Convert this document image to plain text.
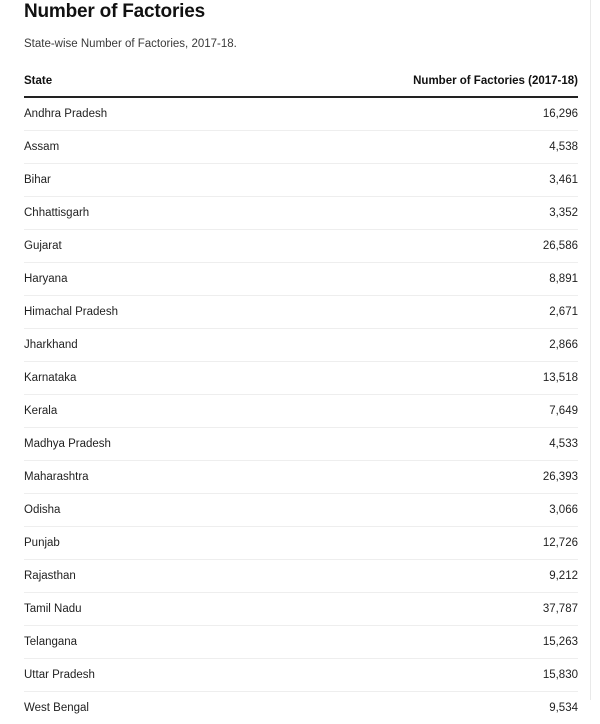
Number of Factories

State-wise Number of Factories, 2017-18.

State	Number of Factories (2017-18)
Andhra Pradesh	16,296
Assam	4,538
Bihar	3,461
Chhattisgarh	3,352
Gujarat	26,586
Haryana	8,891
Himachal Pradesh	2,671
Jharkhand	2,866
Karnataka	13,518
Kerala	7,649
Madhya Pradesh	4,533
Maharashtra	26,393
Odisha	3,066
Punjab	12,726
Rajasthan	9,212
Tamil Nadu	37,787
Telangana	15,263
Uttar Pradesh	15,830
West Bengal	9,534
